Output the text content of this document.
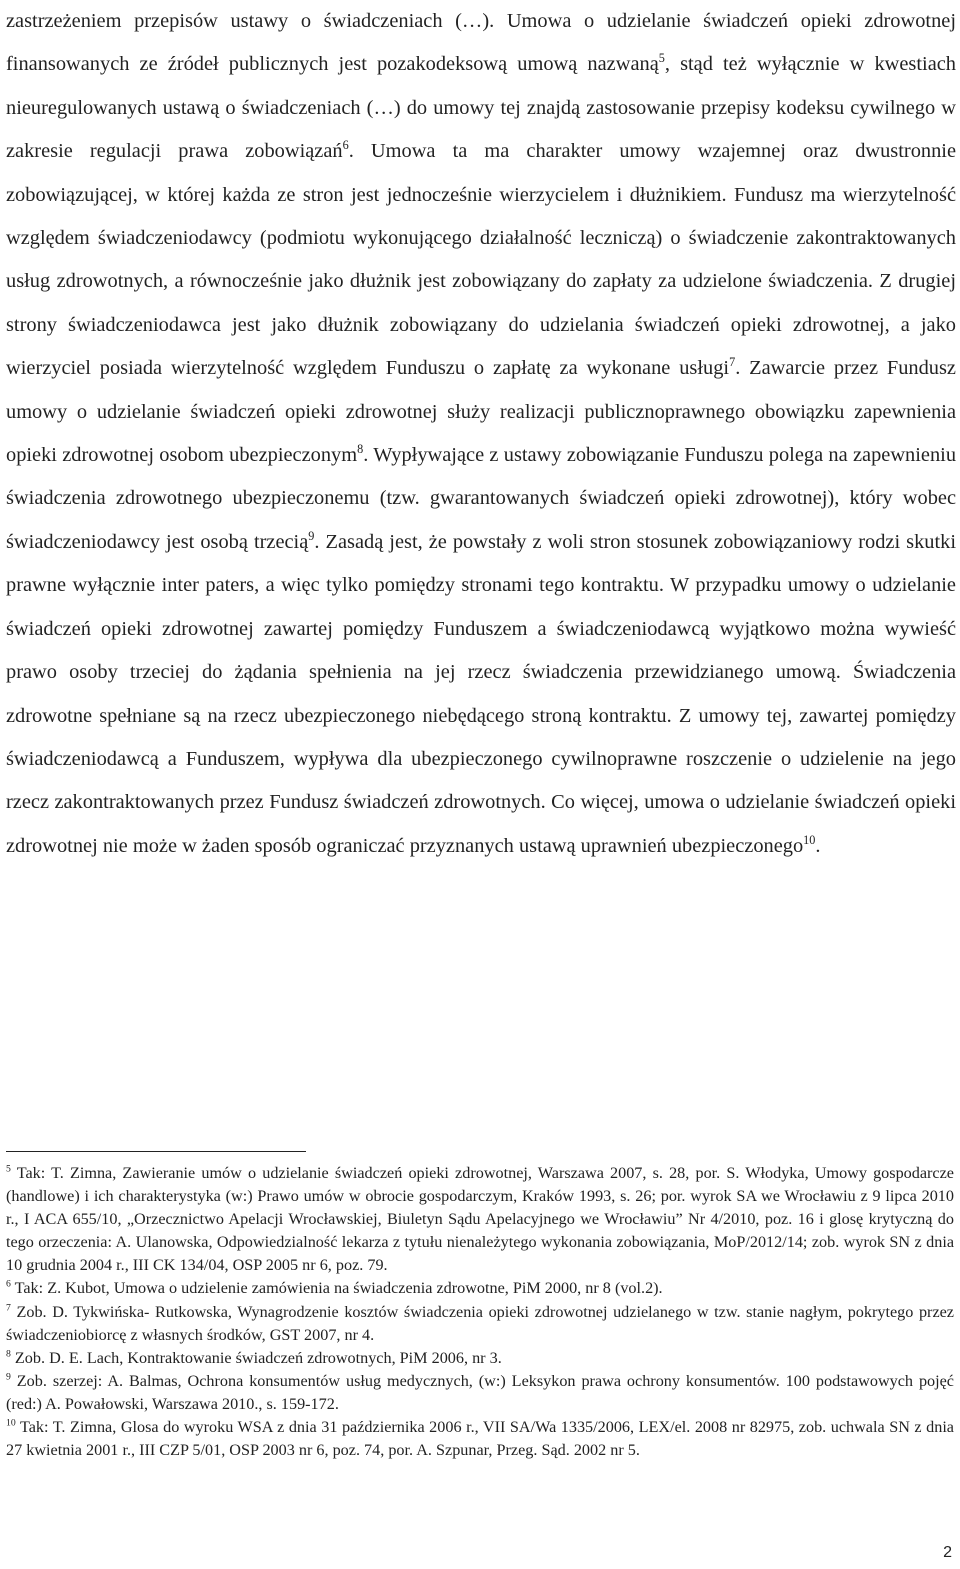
zastrzeżeniem przepisów ustawy o świadczeniach (…). Umowa o udzielanie świadczeń opieki zdrowotnej finansowanych ze źródeł publicznych jest pozakodeksową umową nazwaną$^5$, stąd też wyłącznie w kwestiach nieuregulowanych ustawą o świadczeniach (…) do umowy tej znajdą zastosowanie przepisy kodeksu cywilnego w zakresie regulacji prawa zobowiązań$^6$. Umowa ta ma charakter umowy wzajemnej oraz dwustronnie zobowiązującej, w której każda ze stron jest jednocześnie wierzycielem i dłużnikiem. Fundusz ma wierzytelność względem świadczeniodawcy (podmiotu wykonującego działalność leczniczą) o świadczenie zakontraktowanych usług zdrowotnych, a równocześnie jako dłużnik jest zobowiązany do zapłaty za udzielone świadczenia. Z drugiej strony świadczeniodawca jest jako dłużnik zobowiązany do udzielania świadczeń opieki zdrowotnej, a jako wierzyciel posiada wierzytelność względem Funduszu o zapłatę za wykonane usługi$^7$. Zawarcie przez Fundusz umowy o udzielanie świadczeń opieki zdrowotnej służy realizacji publicznoprawnego obowiązku zapewnienia opieki zdrowotnej osobom ubezpieczonym$^8$. Wypływające z ustawy zobowiązanie Funduszu polega na zapewnieniu świadczenia zdrowotnego ubezpieczonemu (tzw. gwarantowanych świadczeń opieki zdrowotnej), który wobec świadczeniodawcy jest osobą trzecią$^9$. Zasadą jest, że powstały z woli stron stosunek zobowiązaniowy rodzi skutki prawne wyłącznie inter paters, a więc tylko pomiędzy stronami tego kontraktu. W przypadku umowy o udzielanie świadczeń opieki zdrowotnej zawartej pomiędzy Funduszem a świadczeniodawcą wyjątkowo można wywieść prawo osoby trzeciej do żądania spełnienia na jej rzecz świadczenia przewidzianego umową. Świadczenia zdrowotne spełniane są na rzecz ubezpieczonego niebędącego stroną kontraktu. Z umowy tej, zawartej pomiędzy świadczeniodawcą a Funduszem, wypływa dla ubezpieczonego cywilnoprawne roszczenie o udzielenie na jego rzecz zakontraktowanych przez Fundusz świadczeń zdrowotnych. Co więcej, umowa o udzielanie świadczeń opieki zdrowotnej nie może w żaden sposób ograniczać przyznanych ustawą uprawnień ubezpieczonego$^{10}$.

$^5$ Tak: T. Zimna, Zawieranie umów o udzielanie świadczeń opieki zdrowotnej, Warszawa 2007, s. 28, por. S. Włodyka, Umowy gospodarcze (handlowe) i ich charakterystyka (w:) Prawo umów w obrocie gospodarczym, Kraków 1993, s. 26; por. wyrok SA we Wrocławiu z 9 lipca 2010 r., I ACA 655/10, „Orzecznictwo Apelacji Wrocławskiej, Biuletyn Sądu Apelacyjnego we Wrocławiu” Nr 4/2010, poz. 16 i glosę krytyczną do tego orzeczenia: A. Ulanowska, Odpowiedzialność lekarza z tytułu nienależytego wykonania zobowiązania, MoP/2012/14; zob. wyrok SN z dnia 10 grudnia 2004 r., III CK 134/04, OSP 2005 nr 6, poz. 79.

$^6$ Tak: Z. Kubot, Umowa o udzielenie zamówienia na świadczenia zdrowotne, PiM 2000, nr 8 (vol.2).

$^7$ Zob. D. Tykwińska- Rutkowska, Wynagrodzenie kosztów świadczenia opieki zdrowotnej udzielanego w tzw. stanie nagłym, pokrytego przez świadczeniobiorcę z własnych środków, GST 2007, nr 4.

$^8$ Zob. D. E. Lach, Kontraktowanie świadczeń zdrowotnych, PiM 2006, nr 3.

$^9$ Zob. szerzej: A. Balmas, Ochrona konsumentów usług medycznych, (w:) Leksykon prawa ochrony konsumentów. 100 podstawowych pojęć (red:) A. Powałowski, Warszawa 2010., s. 159-172.

$^{10}$ Tak: T. Zimna, Glosa do wyroku WSA z dnia 31 października 2006 r., VII SA/Wa 1335/2006, LEX/el. 2008 nr 82975, zob. uchwala SN z dnia 27 kwietnia 2001 r., III CZP 5/01, OSP 2003 nr 6, poz. 74, por. A. Szpunar, Przeg. Sąd. 2002 nr 5.

2
